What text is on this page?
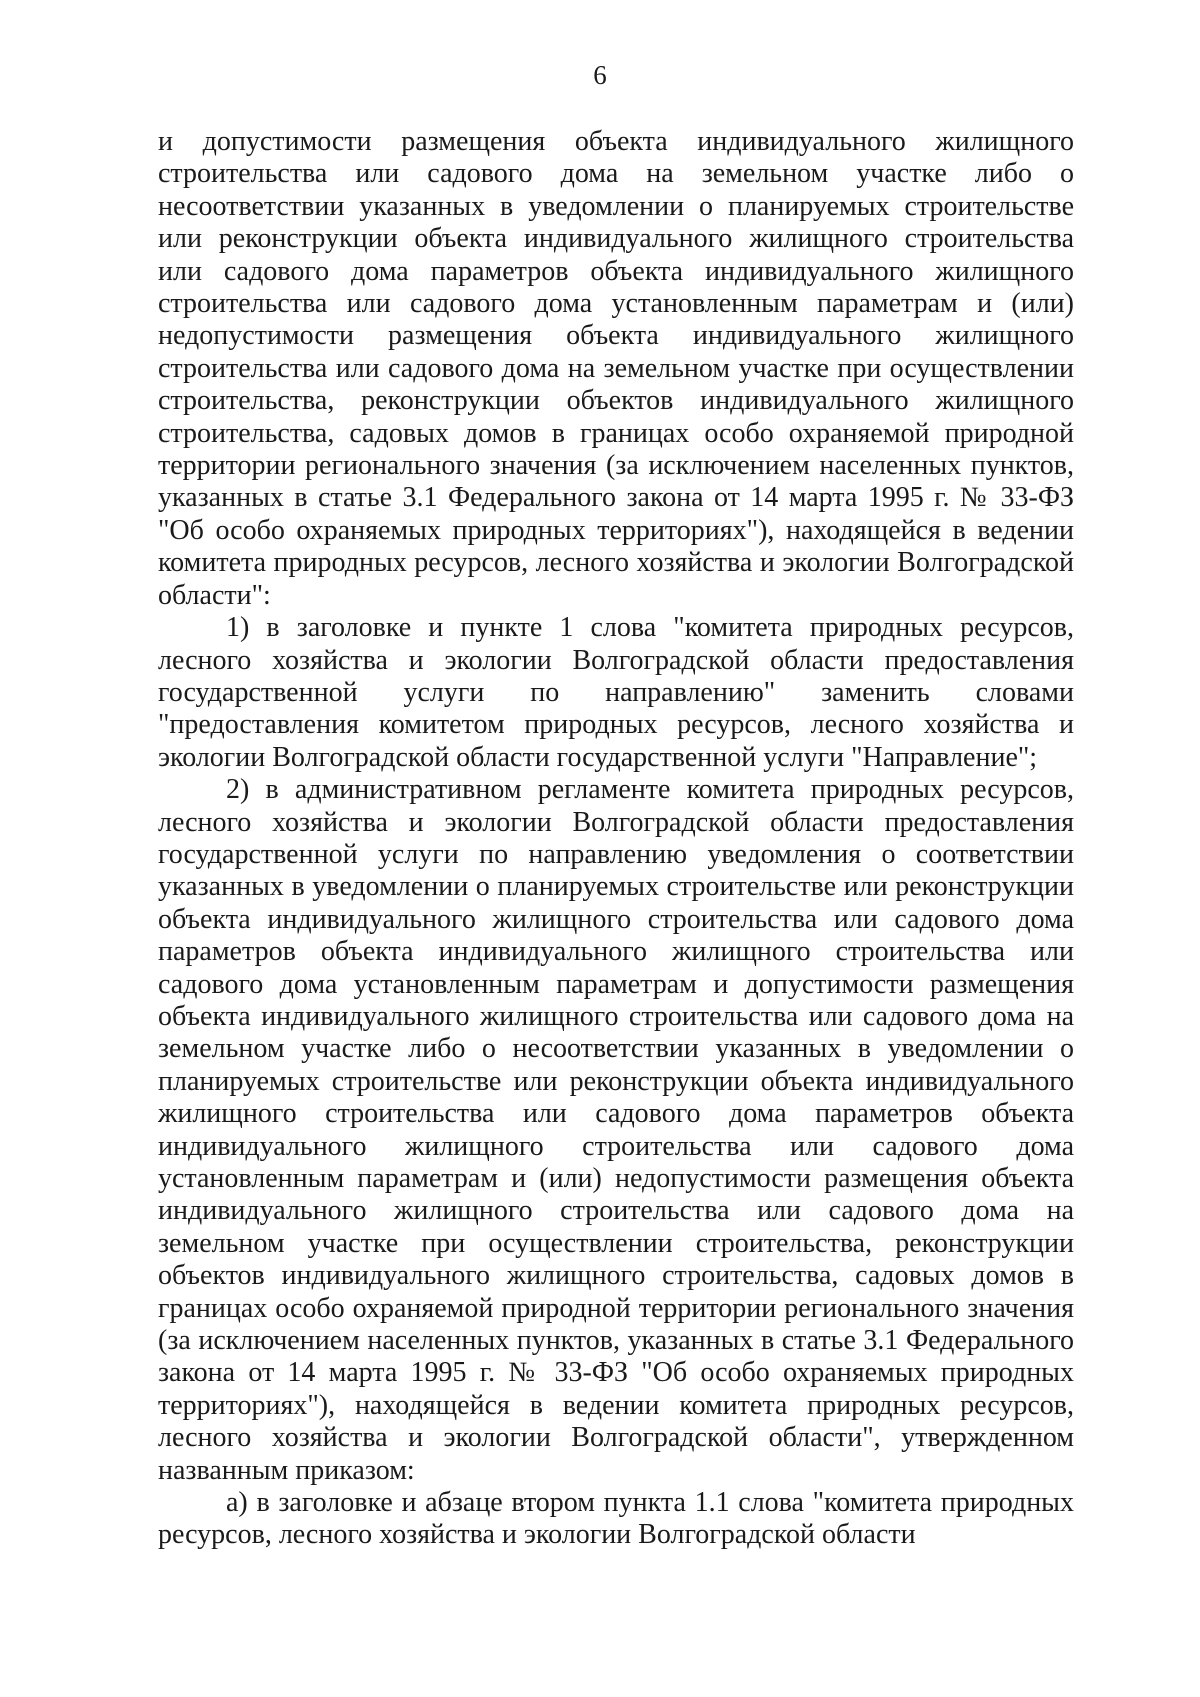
6

и допустимости размещения объекта индивидуального жилищного строительства или садового дома на земельном участке либо о несоответствии указанных в уведомлении о планируемых строительстве или реконструкции объекта индивидуального жилищного строительства или садового дома параметров объекта индивидуального жилищного строительства или садового дома установленным параметрам и (или) недопустимости размещения объекта индивидуального жилищного строительства или садового дома на земельном участке при осуществлении строительства, реконструкции объектов индивидуального жилищного строительства, садовых домов в границах особо охраняемой природной территории регионального значения (за исключением населенных пунктов, указанных в статье 3.1 Федерального закона от 14 марта 1995 г. № 33-ФЗ "Об особо охраняемых природных территориях"), находящейся в ведении комитета природных ресурсов, лесного хозяйства и экологии Волгоградской области":

1) в заголовке и пункте 1 слова "комитета природных ресурсов, лесного хозяйства и экологии Волгоградской области предоставления государственной услуги по направлению" заменить словами "предоставления комитетом природных ресурсов, лесного хозяйства и экологии Волгоградской области государственной услуги "Направление";

2) в административном регламенте комитета природных ресурсов, лесного хозяйства и экологии Волгоградской области предоставления государственной услуги по направлению уведомления о соответствии указанных в уведомлении о планируемых строительстве или реконструкции объекта индивидуального жилищного строительства или садового дома параметров объекта индивидуального жилищного строительства или садового дома установленным параметрам и допустимости размещения объекта индивидуального жилищного строительства или садового дома на земельном участке либо о несоответствии указанных в уведомлении о планируемых строительстве или реконструкции объекта индивидуального жилищного строительства или садового дома параметров объекта индивидуального жилищного строительства или садового дома установленным параметрам и (или) недопустимости размещения объекта индивидуального жилищного строительства или садового дома на земельном участке при осуществлении строительства, реконструкции объектов индивидуального жилищного строительства, садовых домов в границах особо охраняемой природной территории регионального значения (за исключением населенных пунктов, указанных в статье 3.1 Федерального закона от 14 марта 1995 г. № 33-ФЗ "Об особо охраняемых природных территориях"), находящейся в ведении комитета природных ресурсов, лесного хозяйства и экологии Волгоградской области", утвержденном названным приказом:

а) в заголовке и абзаце втором пункта 1.1 слова "комитета природных ресурсов, лесного хозяйства и экологии Волгоградской области
